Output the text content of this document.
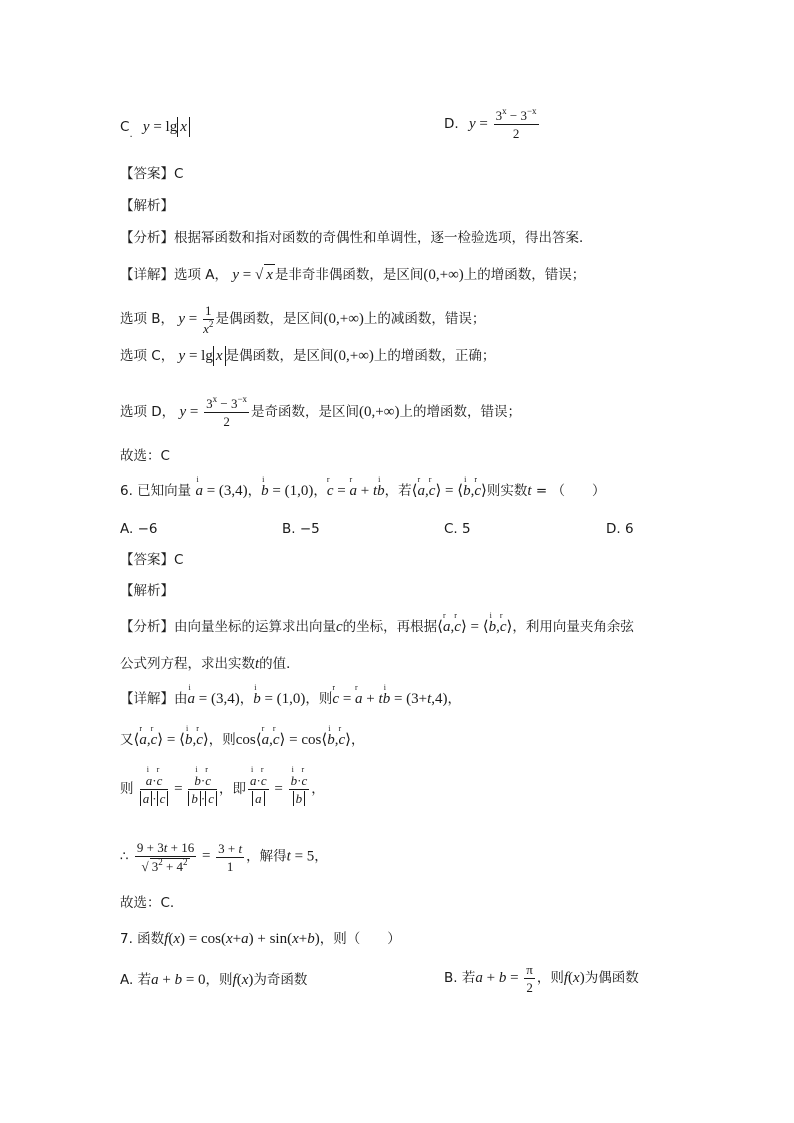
$C_.$ y = lg x	D. $y = \frac{3^x - 3^{-x}}{2}$
【答案】C
【解析】
【分析】根据幂函数和指对函数的奇偶性和单调性，逐一检验选项，得出答案．
【详解】选项 A， y = √ x 是非奇非偶函数，是区间(0,+∞)上的增函数，错误；
选项 B， $y = \frac{1}{x^2}$ 是偶函数，是区间(0,+∞)上的减函数，错误；
选项 C， y = lg x 是偶函数，是区间(0,+∞)上的增函数，正确；
选项 D， $y = \frac{3^x - 3^{-x}}{2}$ 是奇函数，是区间(0,+∞)上的增函数，错误；
故选：C
6. 已知向量 i a = (3,4)，i b = (1,0)，r c = r a + ti b，若⟨r a,r c⟩ = ⟨i b,r c⟩则实数t = （　　）
A. −6	B. −5	C. 5	D. 6
【答案】C
【解析】
【分析】由向量坐标的运算求出向量c的坐标，再根据⟨r a,r c⟩ = ⟨i b,r c⟩，利用向量夹角余弦
公式列方程，求出实数t的值．
【详解】由i a = (3,4)，i b = (1,0)，则r c = r a + ti b = (3+t,4)，
又⟨r a,r c⟩ = ⟨i b,r c⟩，则cos⟨r a,r c⟩ = cos⟨i b,r c⟩，
则
i $\frac{\text{a·r c}}{a \cdot c}$ =
i $\frac{\text{b·r c}}{b \cdot c}$ ，即
i $\frac{\text{a·r c}}{a}$ =
i $\frac{\text{b·r c}}{b}$ ，
∴ $\frac{9 + 3t + 16}{√ 3^2 + 4^2} = \frac{3 + t}{1}$ ，解得t = 5，
故选：C.
7. 函数f(x) = cos(x+a) + sin(x+b)，则（　　）
A. 若a + b = 0，则f(x)为奇函数	B. 若$a + b = \frac{\pi}{2}$ ，则f(x)为偶函数
